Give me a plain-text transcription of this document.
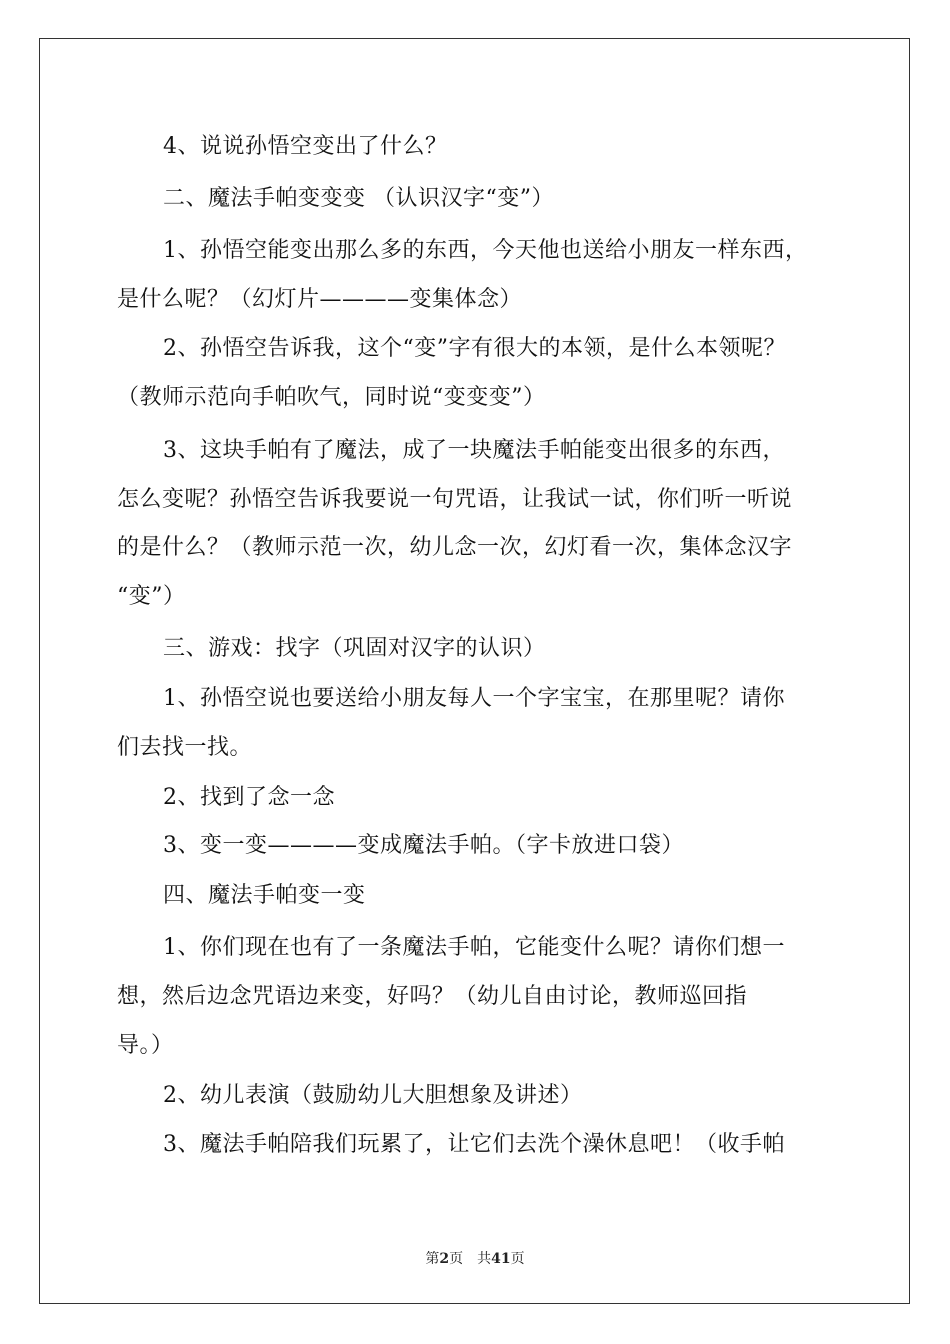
4、说说孙悟空变出了什么？
二、魔法手帕变变变 （认识汉字“变”）
1、孙悟空能变出那么多的东西，今天他也送给小朋友一样东西，
是什么呢？（幻灯片————变集体念）
2、孙悟空告诉我，这个“变”字有很大的本领，是什么本领呢？
（教师示范向手帕吹气，同时说“变变变”）
3、这块手帕有了魔法，成了一块魔法手帕能变出很多的东西，
怎么变呢？孙悟空告诉我要说一句咒语，让我试一试，你们听一听说
的是什么？（教师示范一次，幼儿念一次，幻灯看一次，集体念汉字
“变”）
三、游戏：找字（巩固对汉字的认识）
1、孙悟空说也要送给小朋友每人一个字宝宝，在那里呢？请你
们去找一找。
2、找到了念一念
3、变一变————变成魔法手帕。（字卡放进口袋）
四、魔法手帕变一变
1、你们现在也有了一条魔法手帕，它能变什么呢？请你们想一
想，然后边念咒语边来变，好吗？（幼儿自由讨论，教师巡回指
导。）
2、幼儿表演（鼓励幼儿大胆想象及讲述）
3、魔法手帕陪我们玩累了，让它们去洗个澡休息吧！（收手帕
第2页 共41页
